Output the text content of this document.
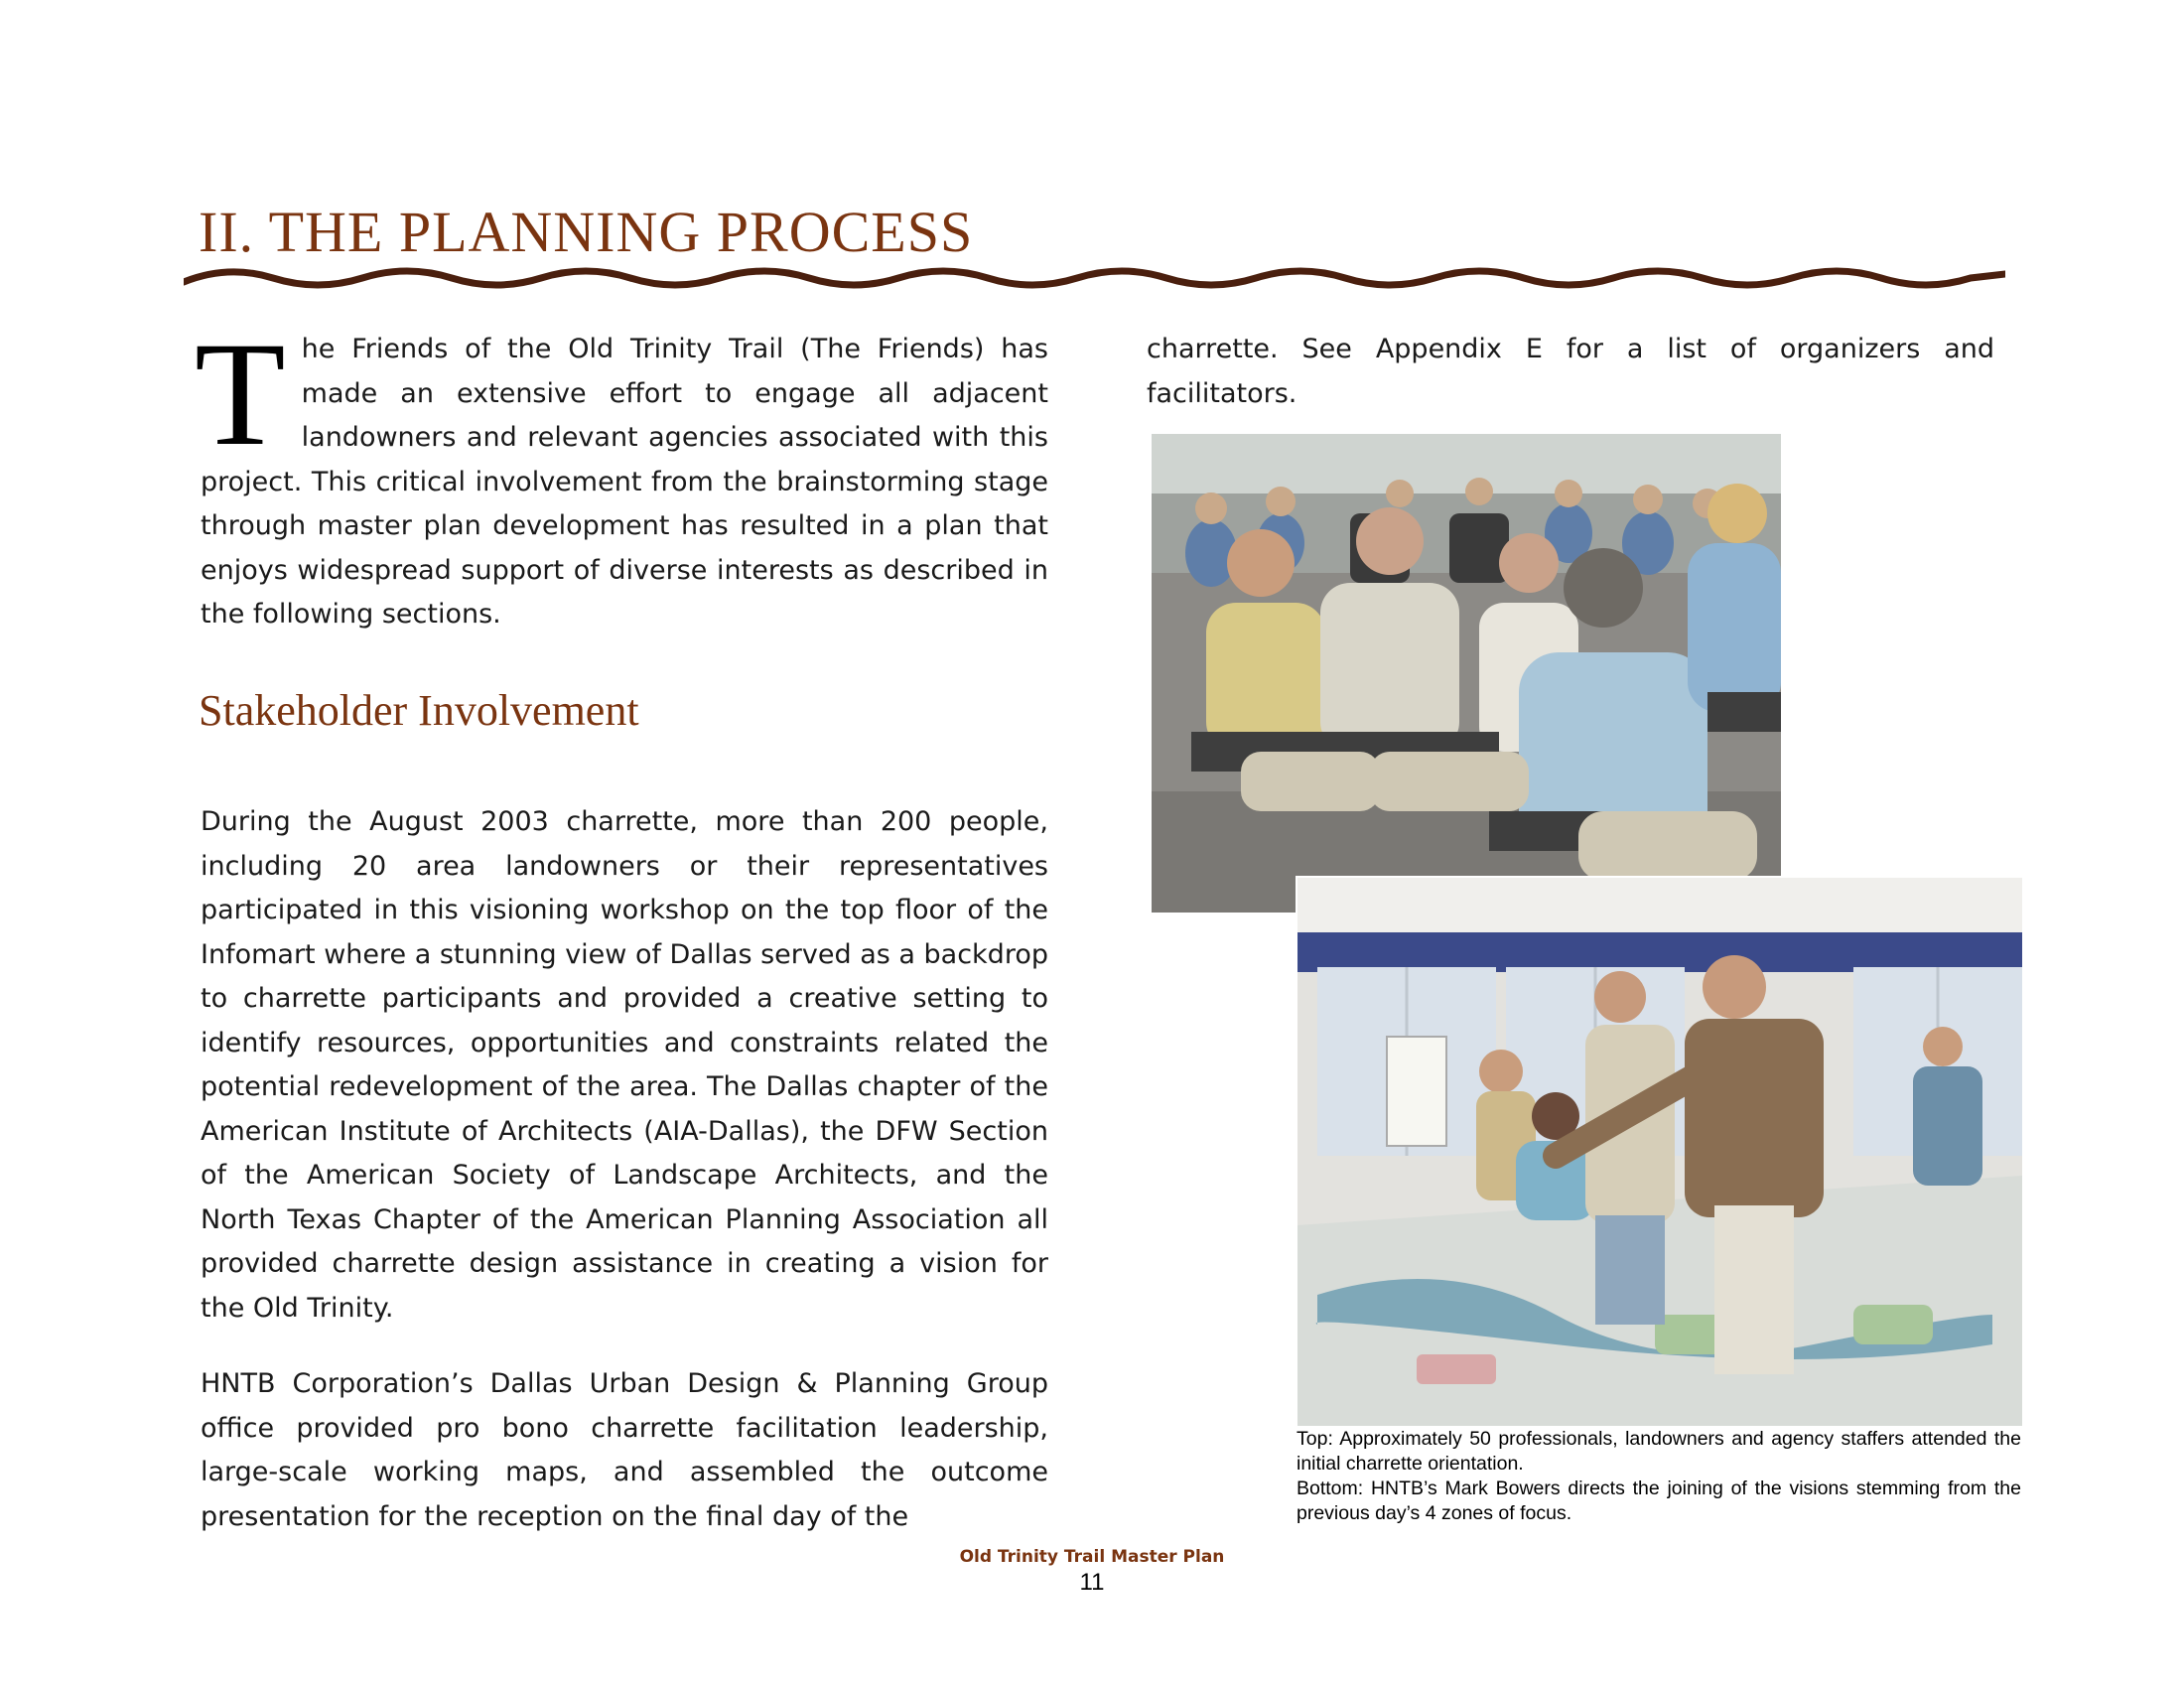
II. THE PLANNING PROCESS

The Friends of the Old Trinity Trail (The Friends) has made an extensive effort to engage all adjacent landowners and relevant agencies associated with this project. This critical involvement from the brainstorming stage through master plan development has resulted in a plan that enjoys widespread support of diverse interests as described in the following sections.

Stakeholder Involvement

During the August 2003 charrette, more than 200 people, including 20 area landowners or their representatives participated in this visioning workshop on the top floor of the Infomart where a stunning view of Dallas served as a backdrop to charrette participants and provided a creative setting to identify resources, opportunities and constraints related the potential redevelopment of the area. The Dallas chapter of the American Institute of Architects (AIA-Dallas), the DFW Section of the American Society of Landscape Architects, and the North Texas Chapter of the American Planning Association all provided charrette design assistance in creating a vision for the Old Trinity.

HNTB Corporation’s Dallas Urban Design & Planning Group office provided pro bono charrette facilitation leadership, large-scale working maps, and assembled the outcome presentation for the reception on the final day of the

charrette. See Appendix E for a list of organizers and facilitators.

Top: Approximately 50 professionals, landowners and agency staffers attended the initial charrette orientation.
Bottom: HNTB’s Mark Bowers directs the joining of the visions stemming from the previous day’s 4 zones of focus.
Old Trinity Trail Master Plan
11
